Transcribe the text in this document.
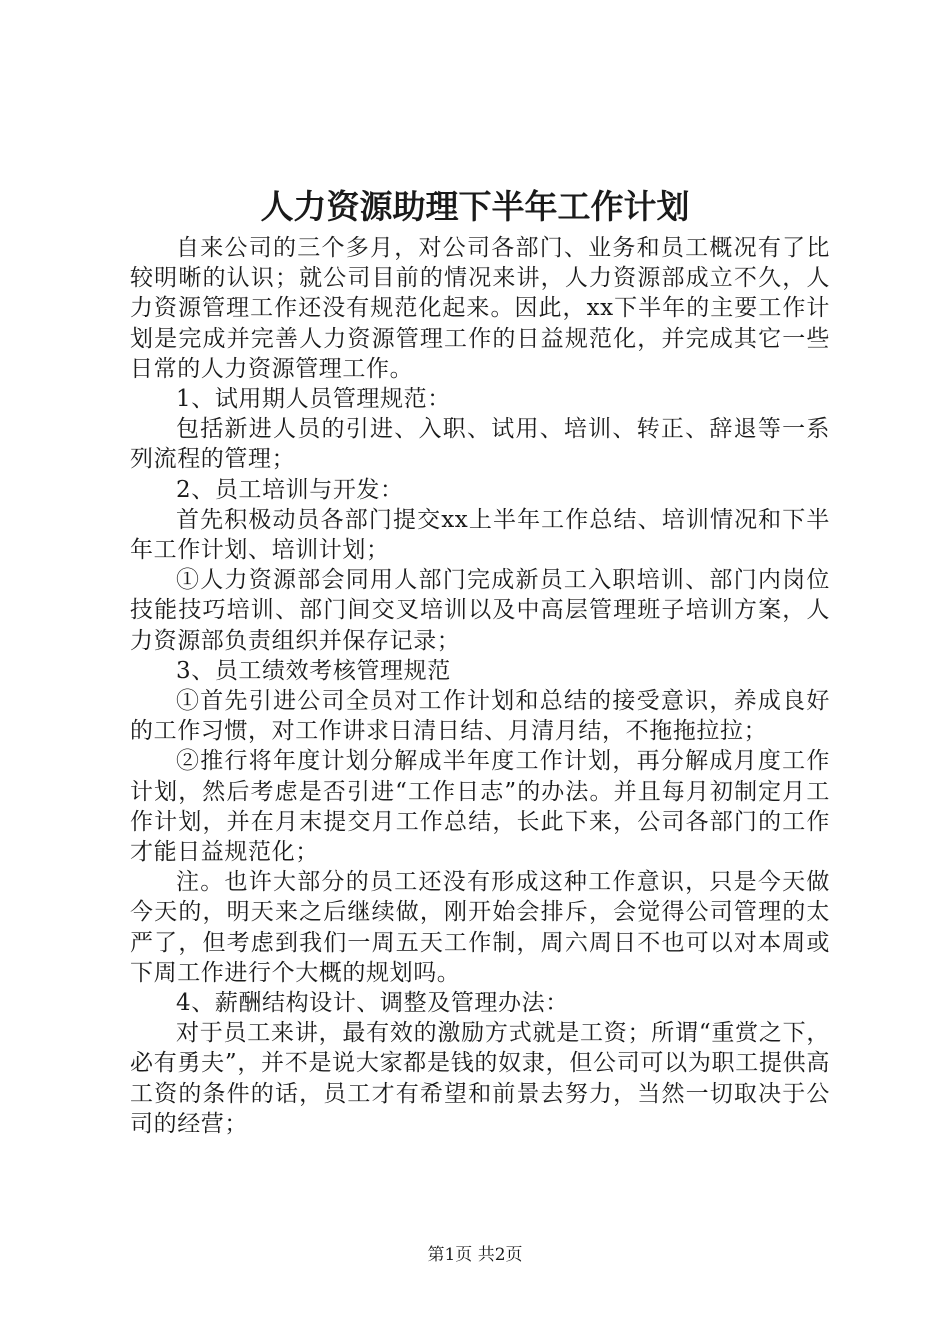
人力资源助理下半年工作计划

自来公司的三个多月，对公司各部门、业务和员工概况有了比较明晰的认识；就公司目前的情况来讲，人力资源部成立不久，人力资源管理工作还没有规范化起来。因此，xx下半年的主要工作计划是完成并完善人力资源管理工作的日益规范化，并完成其它一些日常的人力资源管理工作。

1、试用期人员管理规范：

包括新进人员的引进、入职、试用、培训、转正、辞退等一系列流程的管理；

2、员工培训与开发：

首先积极动员各部门提交xx上半年工作总结、培训情况和下半年工作计划、培训计划；

①人力资源部会同用人部门完成新员工入职培训、部门内岗位技能技巧培训、部门间交叉培训以及中高层管理班子培训方案，人力资源部负责组织并保存记录；

3、员工绩效考核管理规范

①首先引进公司全员对工作计划和总结的接受意识，养成良好的工作习惯，对工作讲求日清日结、月清月结，不拖拖拉拉；

②推行将年度计划分解成半年度工作计划，再分解成月度工作计划，然后考虑是否引进“工作日志”的办法。并且每月初制定月工作计划，并在月末提交月工作总结，长此下来，公司各部门的工作才能日益规范化；

注。也许大部分的员工还没有形成这种工作意识，只是今天做今天的，明天来之后继续做，刚开始会排斥，会觉得公司管理的太严了，但考虑到我们一周五天工作制，周六周日不也可以对本周或下周工作进行个大概的规划吗。

4、薪酬结构设计、调整及管理办法：

对于员工来讲，最有效的激励方式就是工资；所谓“重赏之下，必有勇夫”，并不是说大家都是钱的奴隶，但公司可以为职工提供高工资的条件的话，员工才有希望和前景去努力，当然一切取决于公司的经营；

第1页 共2页
